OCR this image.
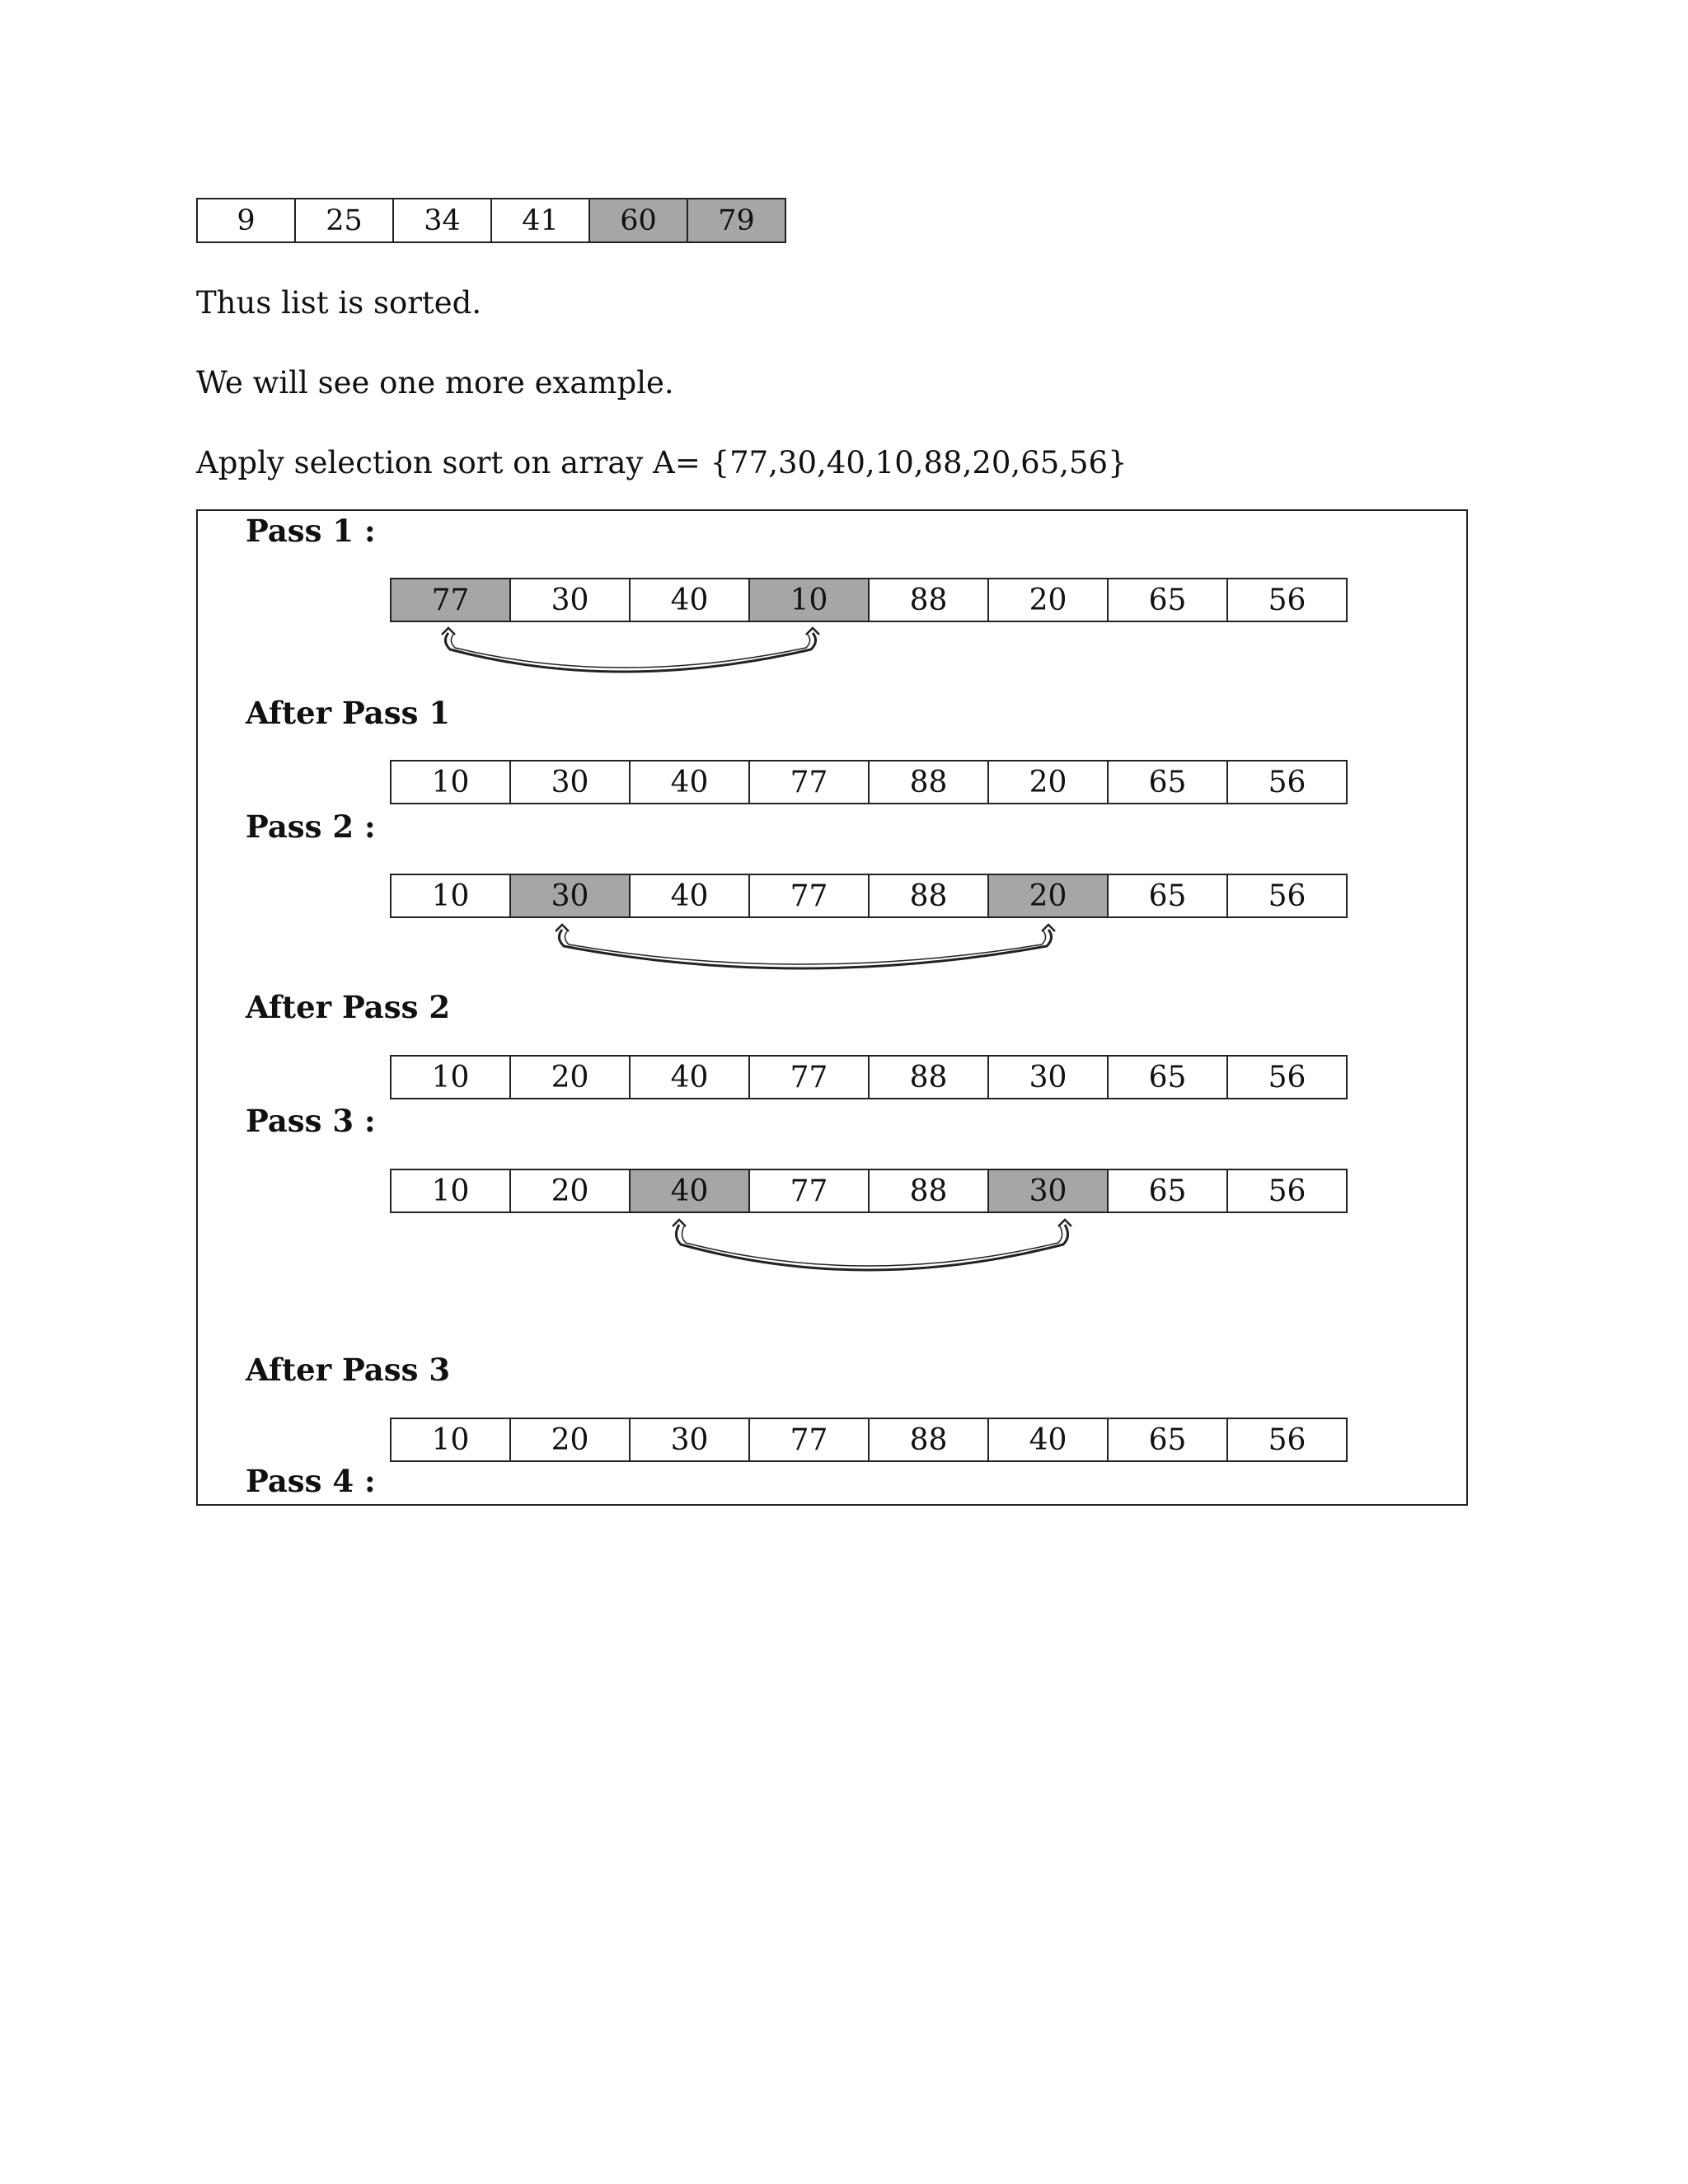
9	25	34	41	60	79
Thus list is sorted.
We will see one more example.
Apply selection sort on array A= {77,30,40,10,88,20,65,56}
Pass 1 :
77	30	40	10	88	20	65	56
After Pass 1
10	30	40	77	88	20	65	56
Pass 2 :
10	30	40	77	88	20	65	56
After Pass 2
10	20	40	77	88	30	65	56
Pass 3 :
10	20	40	77	88	30	65	56
After Pass 3
10	20	30	77	88	40	65	56
Pass 4 :
